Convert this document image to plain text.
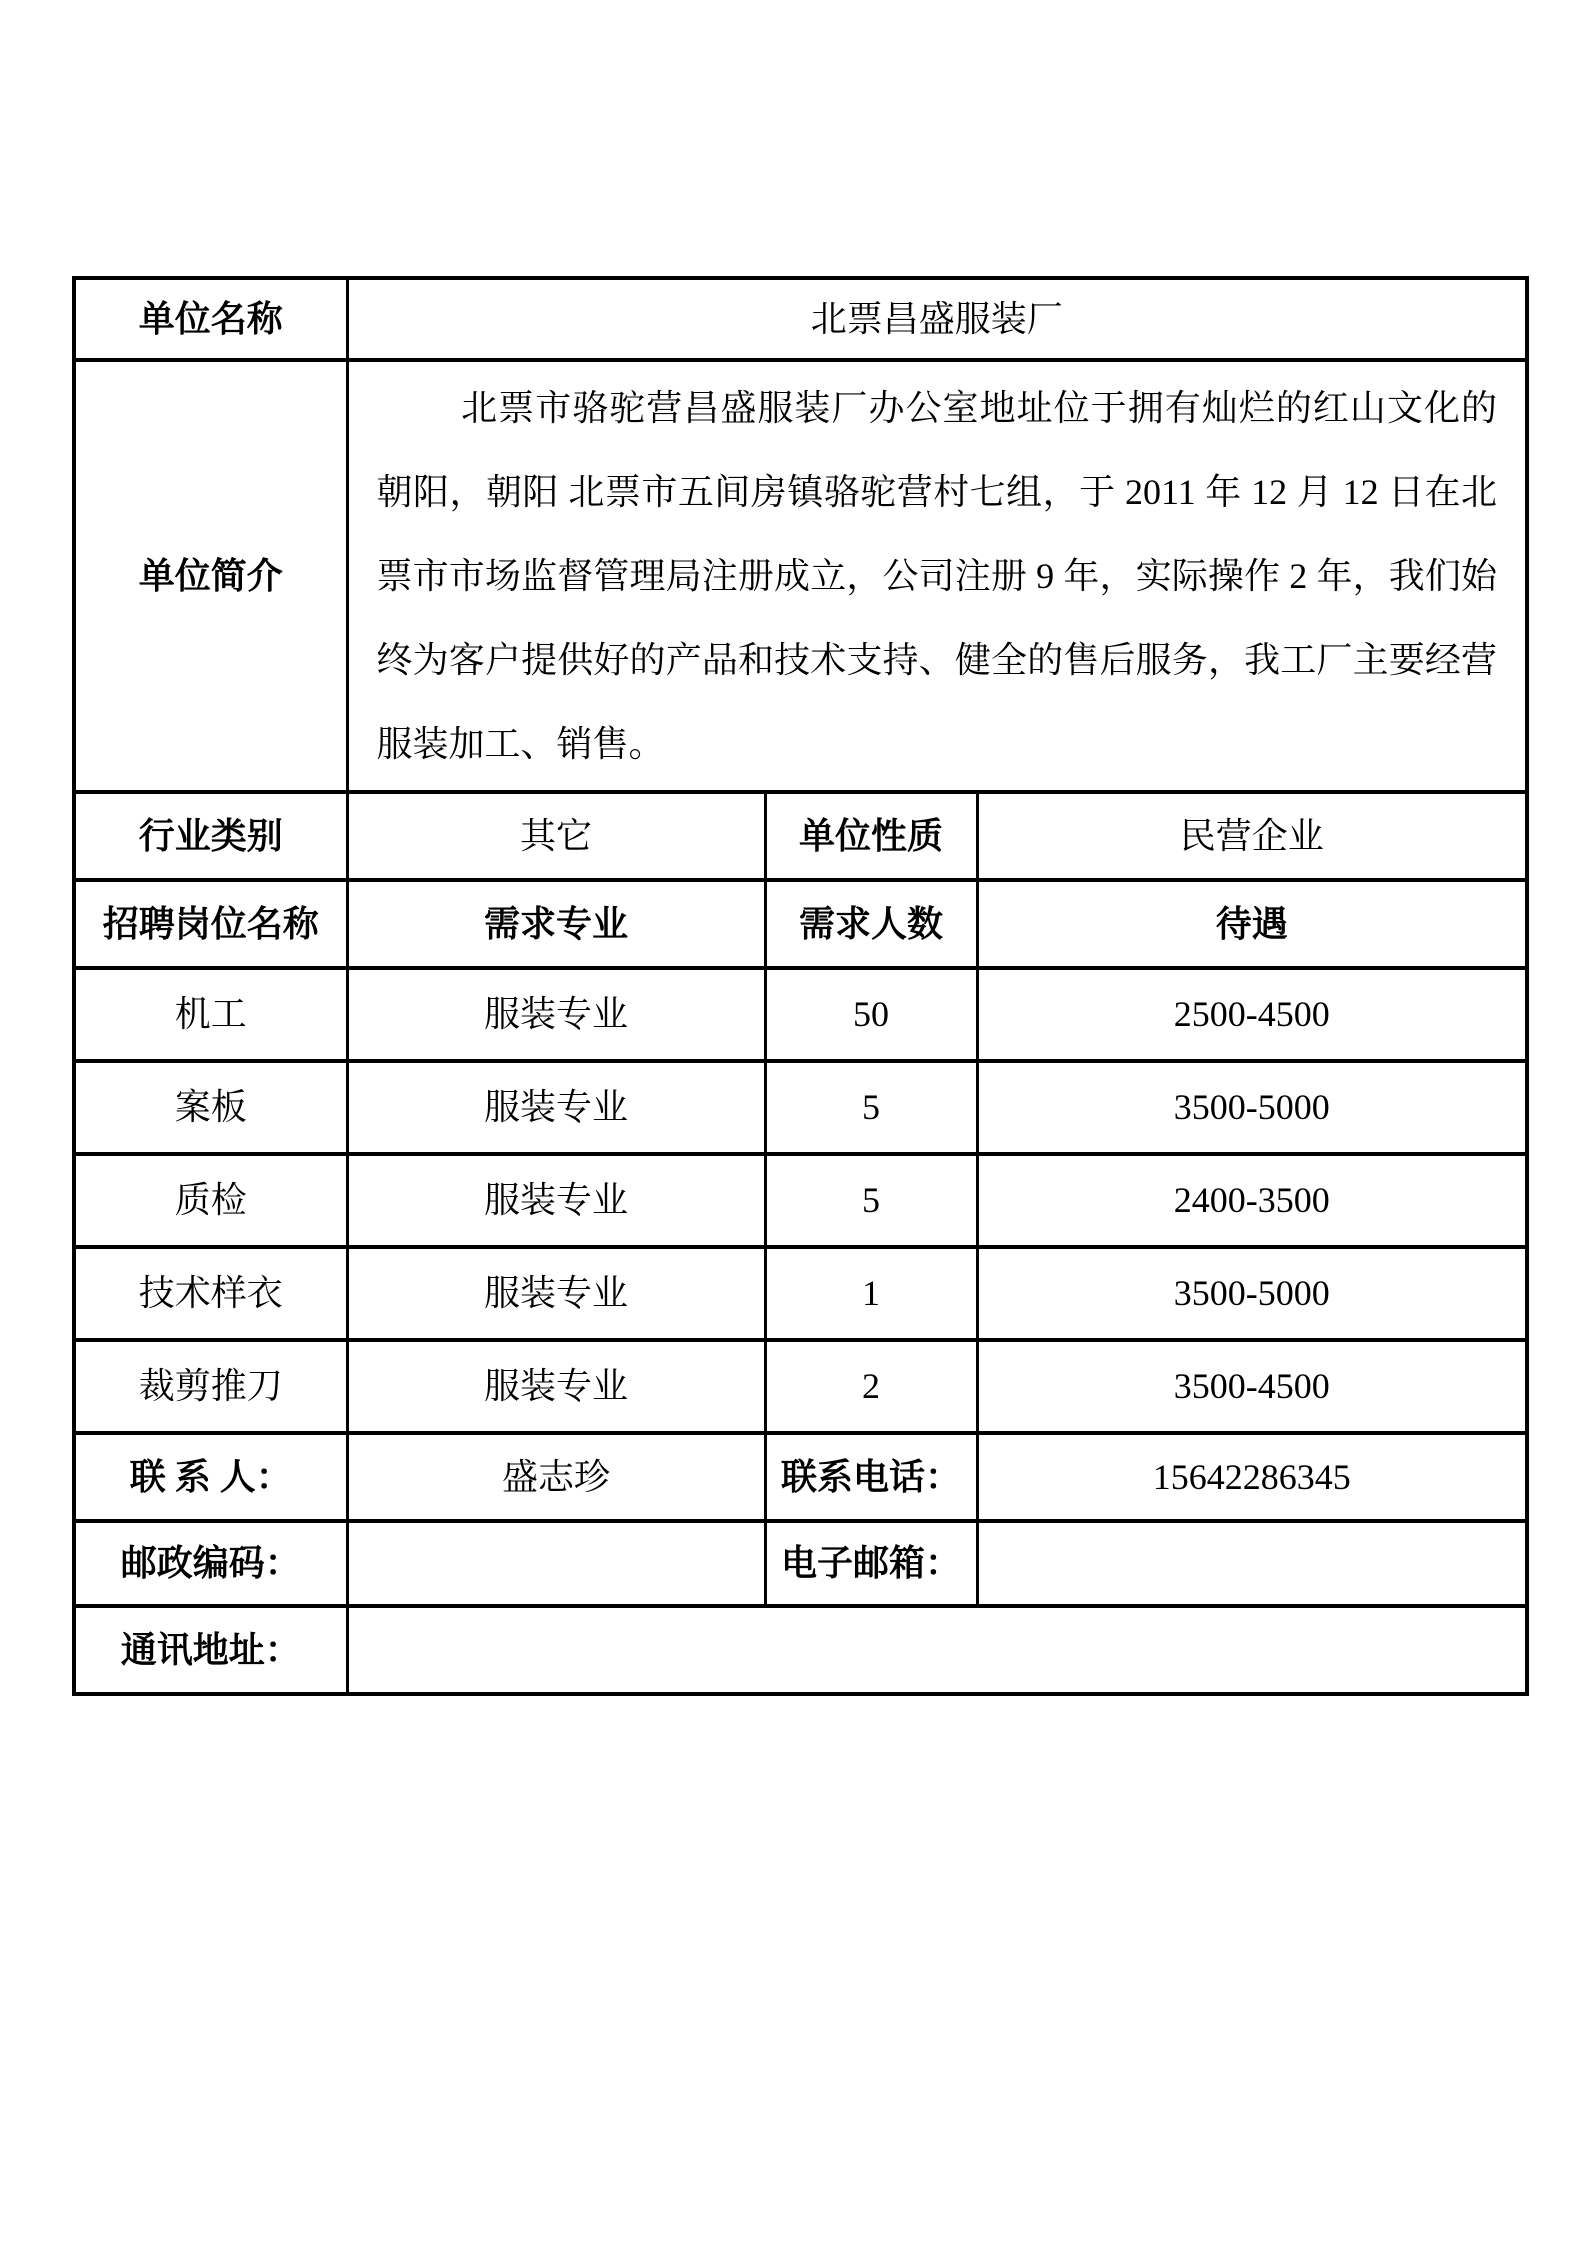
单位名称	北票昌盛服装厂		
单位简介	北票市骆驼营昌盛服装厂办公室地址位于拥有灿烂的红山文化的朝阳，朝阳 北票市五间房镇骆驼营村七组，于 2011 年 12 月 12 日在北票市市场监督管理局注册成立，公司注册 9 年，实际操作 2 年，我们始终为客户提供好的产品和技术支持、健全的售后服务，我工厂主要经营服装加工、销售。		

行业类别	其它	单位性质	民营企业
招聘岗位名称	需求专业	需求人数	待遇
机工	服装专业	50	2500-4500
案板	服装专业	5	3500-5000
质检	服装专业	5	2400-3500
技术样衣	服装专业	1	3500-5000
裁剪推刀	服装专业	2	3500-4500
联 系 人：	盛志珍	联系电话：	15642286345
邮政编码：		电子邮箱：	
通讯地址：			
